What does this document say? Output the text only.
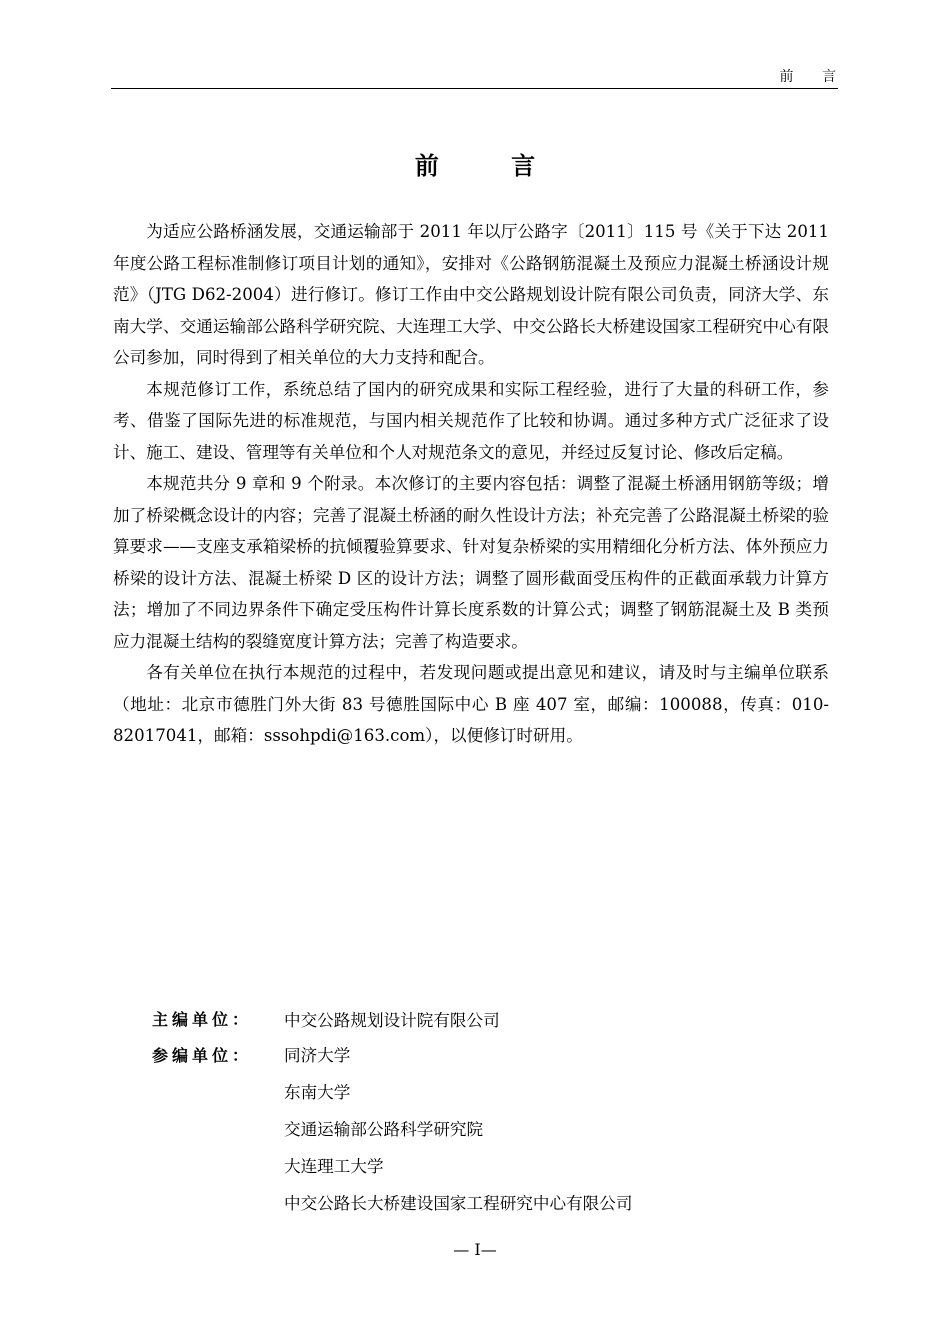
前 言
前 言

为适应公路桥涵发展，交通运输部于 2011 年以厅公路字〔2011〕115 号《关于下达 2011 年度公路工程标准制修订项目计划的通知》，安排对《公路钢筋混凝土及预应力混凝土桥涵设计规范》（JTG D62-2004）进行修订。修订工作由中交公路规划设计院有限公司负责，同济大学、东南大学、交通运输部公路科学研究院、大连理工大学、中交公路长大桥建设国家工程研究中心有限公司参加，同时得到了相关单位的大力支持和配合。

本规范修订工作，系统总结了国内的研究成果和实际工程经验，进行了大量的科研工作，参考、借鉴了国际先进的标准规范，与国内相关规范作了比较和协调。通过多种方式广泛征求了设计、施工、建设、管理等有关单位和个人对规范条文的意见，并经过反复讨论、修改后定稿。

本规范共分 9 章和 9 个附录。本次修订的主要内容包括：调整了混凝土桥涵用钢筋等级；增加了桥梁概念设计的内容；完善了混凝土桥涵的耐久性设计方法；补充完善了公路混凝土桥梁的验算要求——支座支承箱梁桥的抗倾覆验算要求、针对复杂桥梁的实用精细化分析方法、体外预应力桥梁的设计方法、混凝土桥梁 D 区的设计方法；调整了圆形截面受压构件的正截面承载力计算方法；增加了不同边界条件下确定受压构件计算长度系数的计算公式；调整了钢筋混凝土及 B 类预应力混凝土结构的裂缝宽度计算方法；完善了构造要求。

各有关单位在执行本规范的过程中，若发现问题或提出意见和建议，请及时与主编单位联系（地址：北京市德胜门外大街 83 号德胜国际中心 B 座 407 室，邮编：100088，传真：010-82017041，邮箱：sssohpdi@163.com），以便修订时研用。

主编单位：	中交公路规划设计院有限公司
参编单位：	同济大学
东南大学
交通运输部公路科学研究院
大连理工大学
中交公路长大桥建设国家工程研究中心有限公司
— I—
